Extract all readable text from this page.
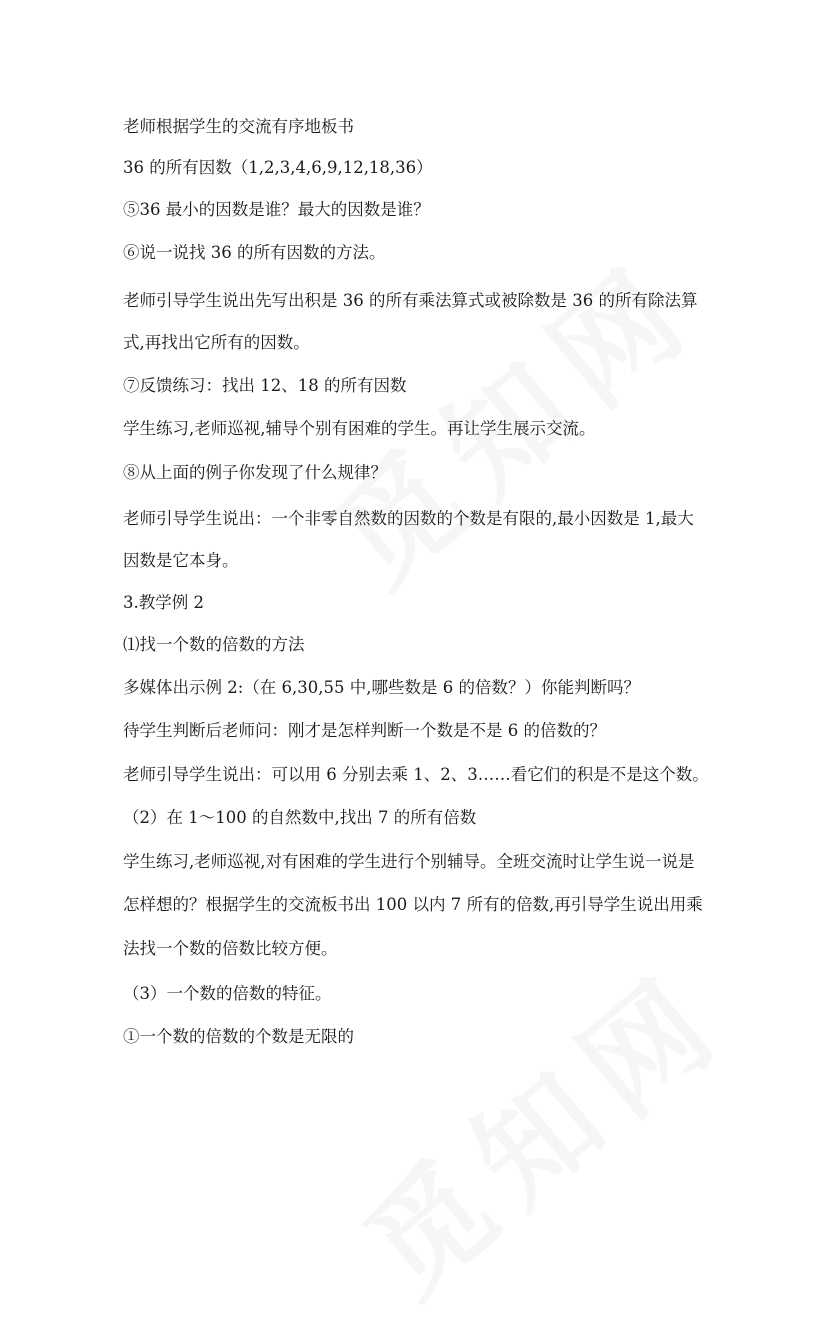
老师根据学生的交流有序地板书
36 的所有因数（1,2,3,4,6,9,12,18,36）
⑤36 最小的因数是谁？最大的因数是谁？
⑥说一说找 36 的所有因数的方法。
老师引导学生说出先写出积是 36 的所有乘法算式或被除数是 36 的所有除法算
式,再找出它所有的因数。
⑦反馈练习：找出 12、18 的所有因数
学生练习,老师巡视,辅导个别有困难的学生。再让学生展示交流。
⑧从上面的例子你发现了什么规律？
老师引导学生说出：一个非零自然数的因数的个数是有限的,最小因数是 1,最大
因数是它本身。
3.教学例 2
⑴找一个数的倍数的方法
多媒体出示例 2:（在 6,30,55 中,哪些数是 6 的倍数？）你能判断吗？
待学生判断后老师问：刚才是怎样判断一个数是不是 6 的倍数的？
老师引导学生说出：可以用 6 分别去乘 1、2、3……看它们的积是不是这个数。
（2）在 1～100 的自然数中,找出 7 的所有倍数
学生练习,老师巡视,对有困难的学生进行个别辅导。全班交流时让学生说一说是
怎样想的？根据学生的交流板书出 100 以内 7 所有的倍数,再引导学生说出用乘
法找一个数的倍数比较方便。
（3）一个数的倍数的特征。
①一个数的倍数的个数是无限的
